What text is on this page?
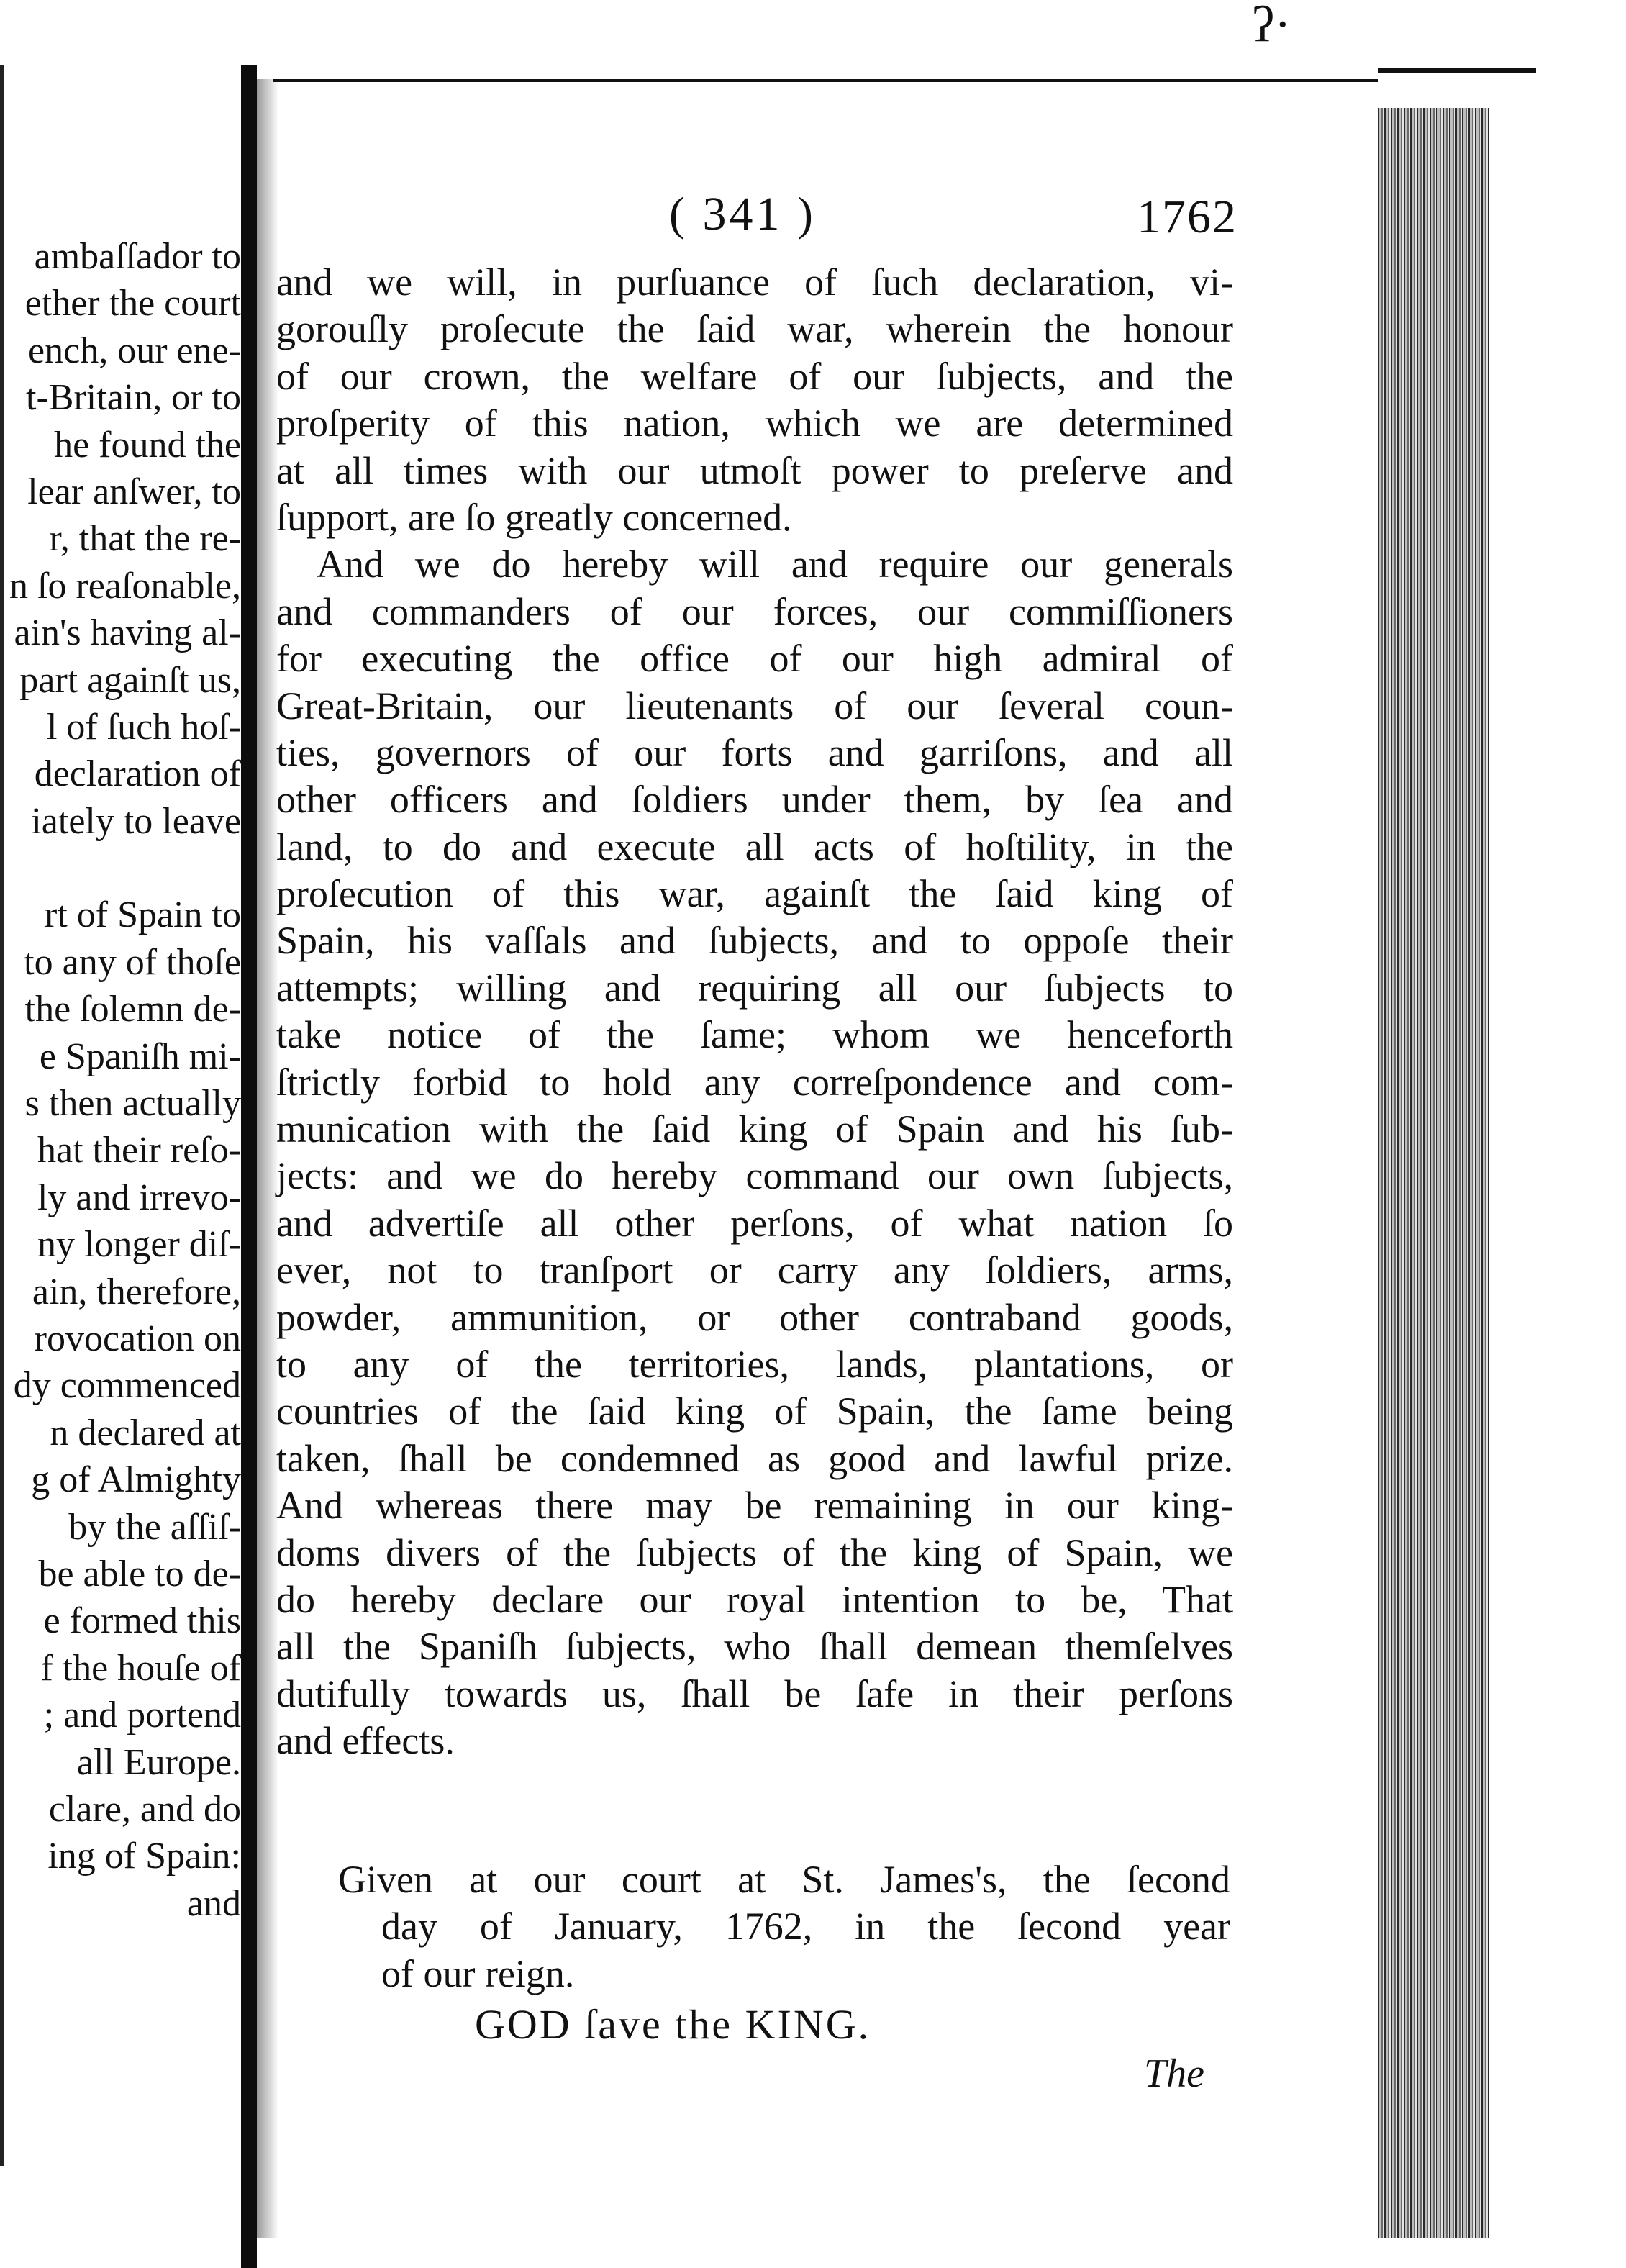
ʔ·
ambaſſador to
ether the court
ench, our ene-
t-Britain, or to
he found the
lear anſwer, to
r, that the re-
n ſo reaſonable,
ain's having al-
part againſt us,
l of ſuch hoſ-
declaration of
iately to leave
rt of Spain to
to any of thoſe
the ſolemn de-
e Spaniſh mi-
s then actually
hat their reſo-
ly and irrevo-
ny longer diſ-
ain, therefore,
rovocation on
dy commenced
n declared at
g of Almighty
by the aſſiſ-
be able to de-
e formed this
f the houſe of
; and portend
all Europe.
clare, and do
ing of Spain:
and
( 341 )	1762
and we will, in purſuance of ſuch declaration, vi-
gorouſly proſecute the ſaid war, wherein the honour
of our crown, the welfare of our ſubjects, and the
proſperity of this nation, which we are determined
at all times with our utmoſt power to preſerve and
ſupport, are ſo greatly concerned.
And we do hereby will and require our generals
and commanders of our forces, our commiſſioners
for executing the office of our high admiral of
Great-Britain, our lieutenants of our ſeveral coun-
ties, governors of our forts and garriſons, and all
other officers and ſoldiers under them, by ſea and
land, to do and execute all acts of hoſtility, in the
proſecution of this war, againſt the ſaid king of
Spain, his vaſſals and ſubjects, and to oppoſe their
attempts; willing and requiring all our ſubjects to
take notice of the ſame; whom we henceforth
ſtrictly forbid to hold any correſpondence and com-
munication with the ſaid king of Spain and his ſub-
jects: and we do hereby command our own ſubjects,
and advertiſe all other perſons, of what nation ſo
ever, not to tranſport or carry any ſoldiers, arms,
powder, ammunition, or other contraband goods,
to any of the territories, lands, plantations, or
countries of the ſaid king of Spain, the ſame being
taken, ſhall be condemned as good and lawful prize.
And whereas there may be remaining in our king-
doms divers of the ſubjects of the king of Spain, we
do hereby declare our royal intention to be, That
all the Spaniſh ſubjects, who ſhall demean themſelves
dutifully towards us, ſhall be ſafe in their perſons
and effects.
Given at our court at St. James's, the ſecond
day of January, 1762, in the ſecond year
of our reign.
GOD ſave the KING.
The
